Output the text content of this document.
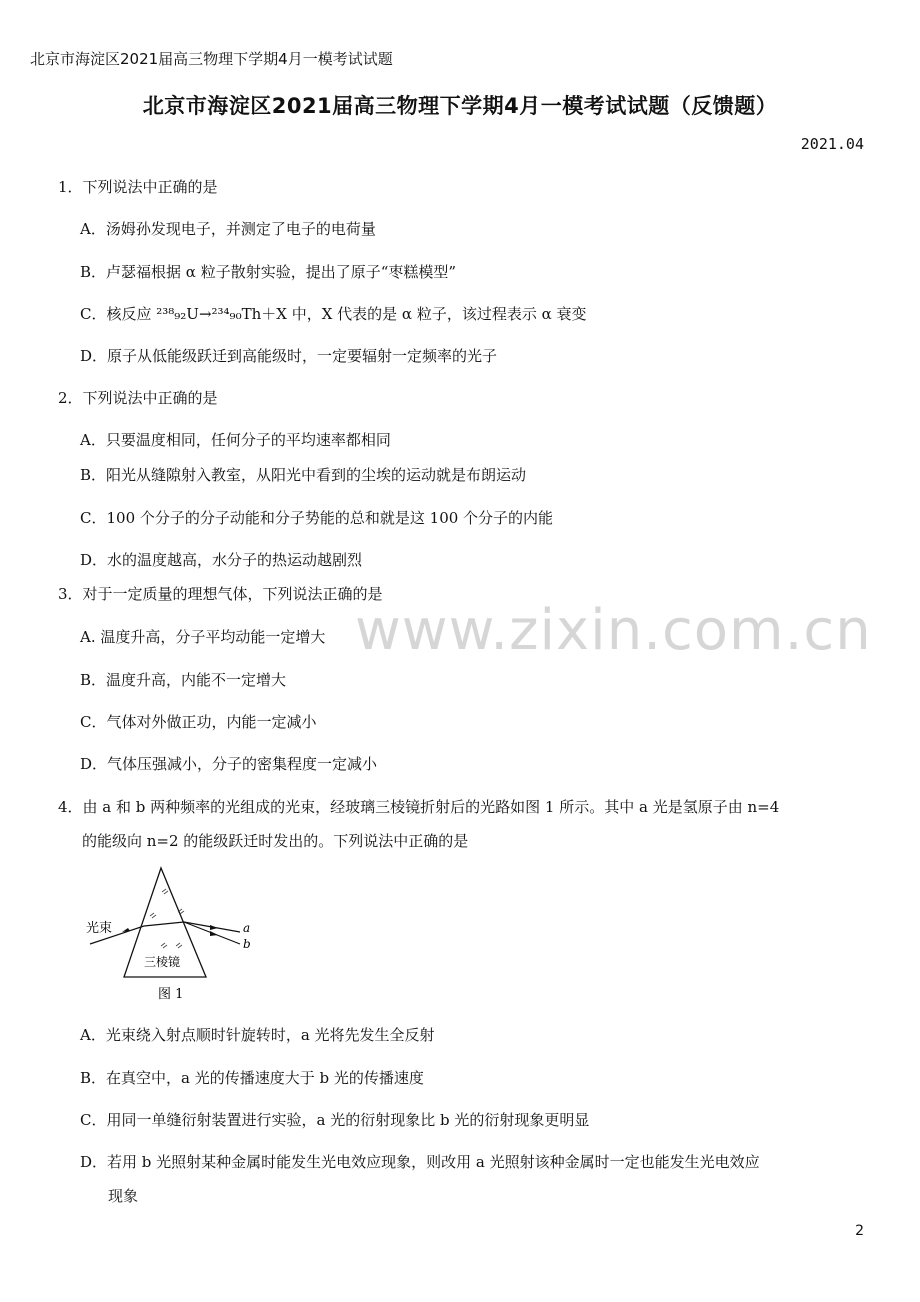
北京市海淀区2021届高三物理下学期4月一模考试试题
北京市海淀区2021届高三物理下学期4月一模考试试题（反馈题）
2021.04
www.zixin.com.cn
1．下列说法中正确的是
A．汤姆孙发现电子，并测定了电子的电荷量
B．卢瑟福根据 α 粒子散射实验，提出了原子“枣糕模型”
C．核反应 ²³⁸₉₂U→²³⁴₉₀Th＋X 中，X 代表的是 α 粒子，该过程表示 α 衰变
D．原子从低能级跃迁到高能级时，一定要辐射一定频率的光子
2．下列说法中正确的是
A．只要温度相同，任何分子的平均速率都相同
B．阳光从缝隙射入教室，从阳光中看到的尘埃的运动就是布朗运动
C．100 个分子的分子动能和分子势能的总和就是这 100 个分子的内能
D．水的温度越高，水分子的热运动越剧烈
3．对于一定质量的理想气体，下列说法正确的是
A. 温度升高，分子平均动能一定增大
B．温度升高，内能不一定增大
C．气体对外做正功，内能一定减小
D．气体压强减小，分子的密集程度一定减小
4．由 a 和 b 两种频率的光组成的光束，经玻璃三棱镜折射后的光路如图 1 所示。其中 a 光是氢原子由 n=4
的能级向 n=2 的能级跃迁时发出的。下列说法中正确的是
光束
三棱镜
a
b
图 1
A．光束绕入射点顺时针旋转时，a 光将先发生全反射
B．在真空中，a 光的传播速度大于 b 光的传播速度
C．用同一单缝衍射装置进行实验，a 光的衍射现象比 b 光的衍射现象更明显
D．若用 b 光照射某种金属时能发生光电效应现象，则改用 a 光照射该种金属时一定也能发生光电效应
现象
2
